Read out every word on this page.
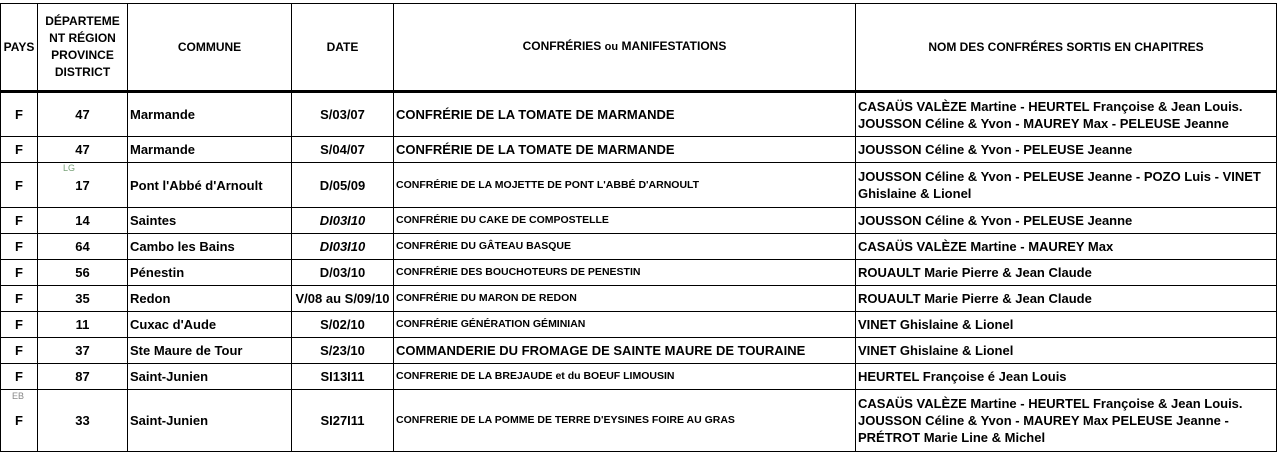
PAYS	DÉPARTEME NT RÉGION PROVINCE DISTRICT	COMMUNE	DATE	CONFRÉRIES ou MANIFESTATIONS	NOM DES CONFRÉRES SORTIS EN CHAPITRES
F	47	Marmande	S/03/07	CONFRÉRIE DE LA TOMATE DE MARMANDE	CASAÜS VALÈZE Martine - HEURTEL Françoise & Jean Louis. JOUSSON Céline & Yvon - MAUREY Max - PELEUSE Jeanne
F	47	Marmande	S/04/07	CONFRÉRIE DE LA TOMATE DE MARMANDE	JOUSSON Céline & Yvon - PELEUSE Jeanne
F	17	Pont l'Abbé d'Arnoult	D/05/09	CONFRÉRIE DE LA MOJETTE DE PONT L'ABBÉ D'ARNOULT	JOUSSON Céline & Yvon - PELEUSE Jeanne - POZO Luis - VINET Ghislaine & Lionel
F	14	Saintes	DI03I10	CONFRÉRIE DU CAKE DE COMPOSTELLE	JOUSSON Céline & Yvon - PELEUSE Jeanne
F	64	Cambo les Bains	DI03I10	CONFRÉRIE DU GÂTEAU BASQUE	CASAÜS VALÈZE Martine - MAUREY Max
F	56	Pénestin	D/03/10	CONFRÉRIE DES BOUCHOTEURS DE PENESTIN	ROUAULT Marie Pierre & Jean Claude
F	35	Redon	V/08 au S/09/10	CONFRÉRIE DU MARON DE REDON	ROUAULT Marie Pierre & Jean Claude
F	11	Cuxac d'Aude	S/02/10	CONFRÉRIE GÉNÉRATION GÉMINIAN	VINET Ghislaine & Lionel
F	37	Ste Maure de Tour	S/23/10	COMMANDERIE DU FROMAGE DE SAINTE MAURE DE TOURAINE	VINET Ghislaine & Lionel
F	87	Saint-Junien	SI13I11	CONFRERIE DE LA BREJAUDE et du BOEUF LIMOUSIN	HEURTEL Françoise é Jean Louis
F	33	Saint-Junien	SI27I11	CONFRERIE DE LA POMME DE TERRE D'EYSINES FOIRE AU GRAS	CASAÜS VALÈZE Martine - HEURTEL Françoise & Jean Louis. JOUSSON Céline & Yvon - MAUREY Max PELEUSE Jeanne - PRÉTROT Marie Line & Michel
LG
EB
